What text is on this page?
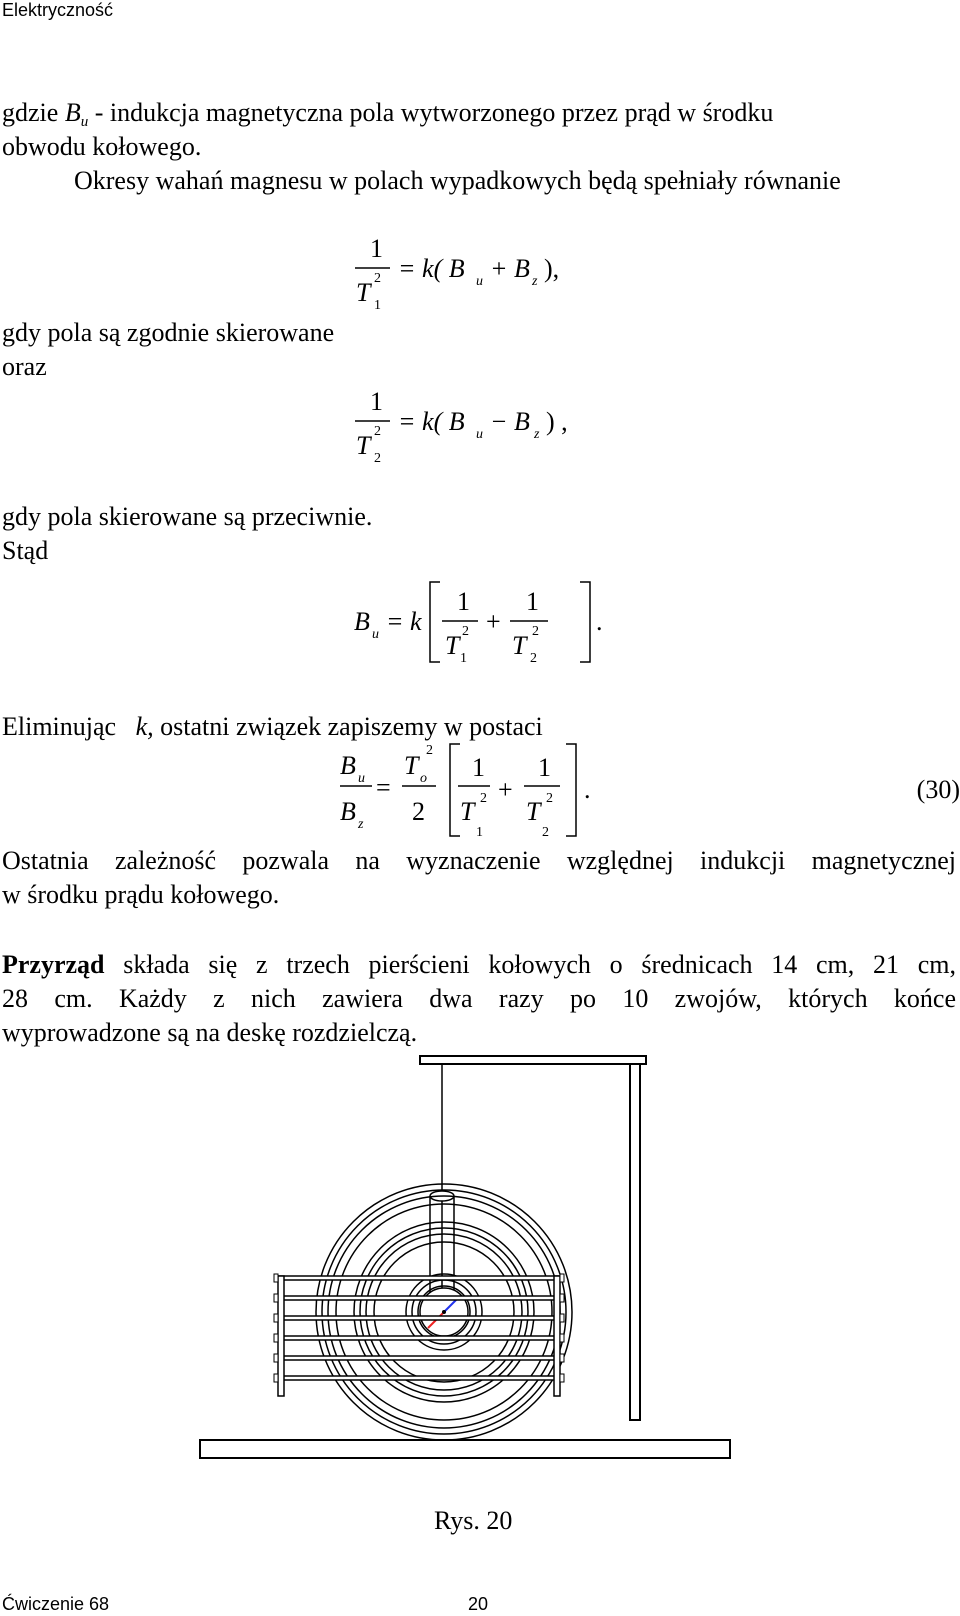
Elektryczność
gdzie $B_u$ - indukcja magnetyczna pola wytworzonego przez prąd w środku
obwodu kołowego.
Okresy wahań magnesu w polach wypadkowych będą spełniały równanie
1
T 2
1
= k( B u + B z ),
gdy pola są zgodnie skierowane
oraz
1
T 2
2
= k( B u − B z ) ,
gdy pola skierowane są przeciwnie.
Stąd
B u = k
1
T 2
1
+
1
T 2
2
.
Eliminując k, ostatni związek zapiszemy w postaci
B u
B z
=
T o
2
2
1
T 2
1
+
1
T 2
2
.	(30)
Ostatnia zależność pozwala na wyznaczenie względnej indukcji magnetycznej
w środku prądu kołowego.
Przyrząd składa się z trzech pierścieni kołowych o średnicach 14 cm, 21 cm,
28 cm. Każdy z nich zawiera dwa razy po 10 zwojów, których końce
wyprowadzone są na deskę rozdzielczą.
Rys. 20
Ćwiczenie 68	20
